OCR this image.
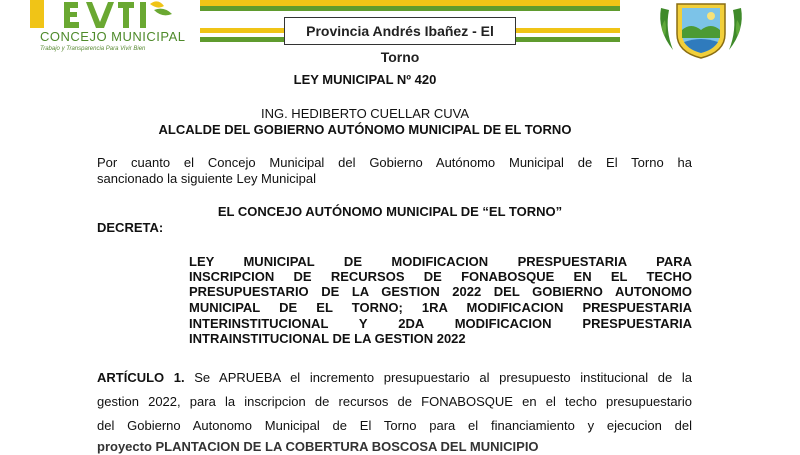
CONCEJO MUNICIPAL
Trabajo y Transparencia Para Vivir Bien
Provincia Andrés Ibañez - El Torno
LEY MUNICIPAL Nº 420
ING. HEDIBERTO CUELLAR CUVA
ALCALDE DEL GOBIERNO AUTÓNOMO MUNICIPAL DE EL TORNO
Por cuanto el Concejo Municipal del Gobierno Autónomo Municipal de El Torno ha
sancionado la siguiente Ley Municipal
EL CONCEJO AUTÓNOMO MUNICIPAL DE “EL TORNO”
DECRETA:
LEY MUNICIPAL DE MODIFICACION PRESPUESTARIA PARA
INSCRIPCION DE RECURSOS DE FONABOSQUE EN EL TECHO
PRESUPUESTARIO DE LA GESTION 2022 DEL GOBIERNO AUTONOMO
MUNICIPAL DE EL TORNO; 1RA MODIFICACION PRESPUESTARIA
INTERINSTITUCIONAL Y 2DA MODIFICACION PRESPUESTARIA
INTRAINSTITUCIONAL DE LA GESTION 2022
ARTÍCULO 1. Se APRUEBA el incremento presupuestario al presupuesto institucional de la
gestion 2022, para la inscripcion de recursos de FONABOSQUE en el techo presupuestario
del Gobierno Autonomo Municipal de El Torno para el financiamiento y ejecucion del
proyecto PLANTACION DE LA COBERTURA BOSCOSA DEL MUNICIPIO
